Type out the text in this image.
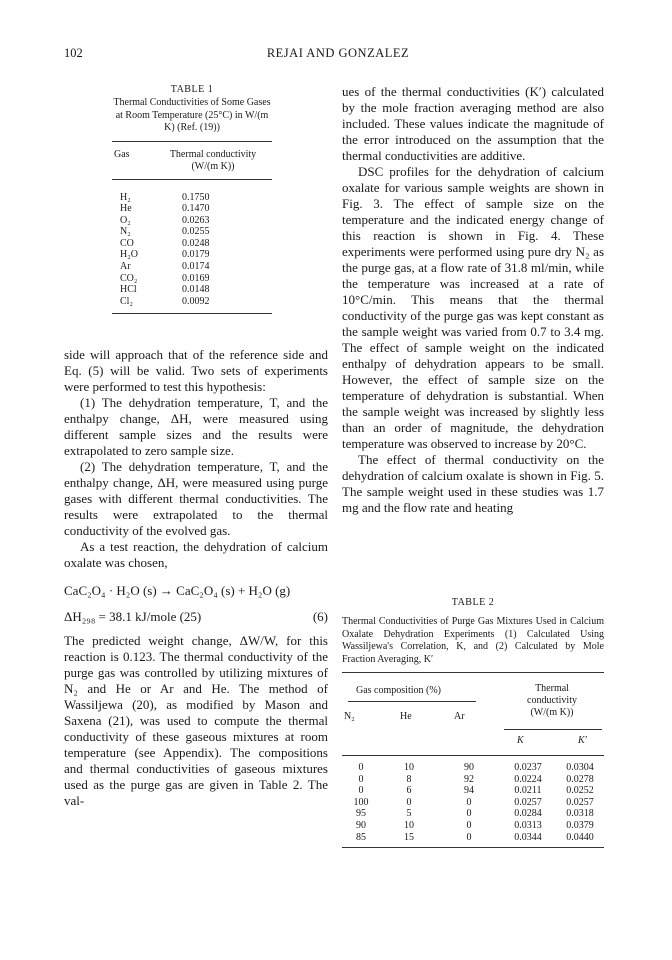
102	REJAI AND GONZALEZ
TABLE 1
Thermal Conductivities of Some Gases at Room Temperature (25°C) in W/(m K) (Ref. (19))
Gas	Thermal conductivity
(W/(m K))
H₂	0.1750
He	0.1470
O₂	0.0263
N₂	0.0255
CO	0.0248
H₂O	0.0179
Ar	0.0174
CO₂	0.0169
HCl	0.0148
Cl₂	0.0092

side will approach that of the reference side and Eq. (5) will be valid. Two sets of experiments were performed to test this hypothesis:

(1) The dehydration temperature, T, and the enthalpy change, ΔH, were measured using different sample sizes and the results were extrapolated to zero sample size.

(2) The dehydration temperature, T, and the enthalpy change, ΔH, were measured using purge gases with different thermal conductivities. The results were extrapolated to the thermal conductivity of the evolved gas.

As a test reaction, the dehydration of calcium oxalate was chosen,

CaC₂O₄ · H₂O (s) → CaC₂O₄ (s) + H₂O (g)
ΔH₂₉₈ = 38.1 kJ/mole (25)	(6)

The predicted weight change, ΔW/W, for this reaction is 0.123. The thermal conductivity of the purge gas was controlled by utilizing mixtures of N₂ and He or Ar and He. The method of Wassiljewa (20), as modified by Mason and Saxena (21), was used to compute the thermal conductivity of these gaseous mixtures at room temperature (see Appendix). The compositions and thermal conductivities of gaseous mixtures used as the purge gas are given in Table 2. The val-

ues of the thermal conductivities (K′) calculated by the mole fraction averaging method are also included. These values indicate the magnitude of the error introduced on the assumption that the thermal conductivities are additive.

DSC profiles for the dehydration of calcium oxalate for various sample weights are shown in Fig. 3. The effect of sample size on the temperature and the indicated energy change of this reaction is shown in Fig. 4. These experiments were performed using pure dry N₂ as the purge gas, at a flow rate of 31.8 ml/min, while the temperature was increased at a rate of 10°C/min. This means that the thermal conductivity of the purge gas was kept constant as the sample weight was varied from 0.7 to 3.4 mg. The effect of sample weight on the indicated enthalpy of dehydration appears to be small. However, the effect of sample size on the temperature of dehydration is substantial. When the sample weight was increased by slightly less than an order of magnitude, the dehydration temperature was observed to increase by 20°C.

The effect of thermal conductivity on the dehydration of calcium oxalate is shown in Fig. 5. The sample weight used in these studies was 1.7 mg and the flow rate and heating

TABLE 2
Thermal Conductivities of Purge Gas Mixtures Used in Calcium Oxalate Dehydration Experiments (1) Calculated Using Wassiljewa's Correlation, K, and (2) Calculated by Mole Fraction Averaging, K′
Gas composition (%)	Thermal
conductivity
(W/(m K))
N₂	He	Ar
K	K′
0	10	90	0.0237	0.0304
0	8	92	0.0224	0.0278
0	6	94	0.0211	0.0252
100	0	0	0.0257	0.0257
95	5	0	0.0284	0.0318
90	10	0	0.0313	0.0379
85	15	0	0.0344	0.0440
